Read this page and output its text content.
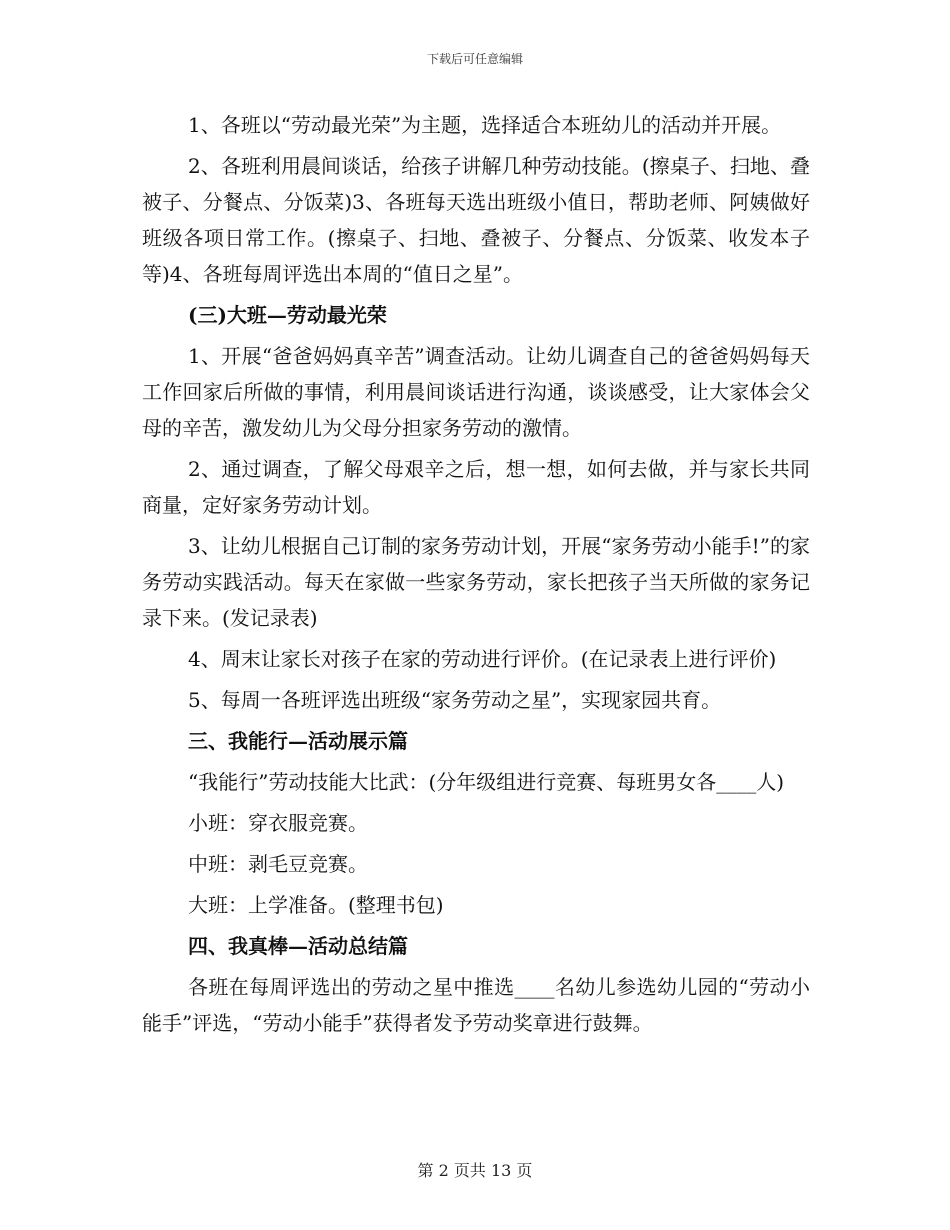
下载后可任意编辑

1、各班以“劳动最光荣”为主题，选择适合本班幼儿的活动并开展。

2、各班利用晨间谈话，给孩子讲解几种劳动技能。(擦桌子、扫地、叠被子、分餐点、分饭菜)3、各班每天选出班级小值日，帮助老师、阿姨做好班级各项日常工作。(擦桌子、扫地、叠被子、分餐点、分饭菜、收发本子等)4、各班每周评选出本周的“值日之星”。

(三)大班—劳动最光荣

1、开展“爸爸妈妈真辛苦”调查活动。让幼儿调查自己的爸爸妈妈每天工作回家后所做的事情，利用晨间谈话进行沟通，谈谈感受，让大家体会父母的辛苦，激发幼儿为父母分担家务劳动的激情。

2、通过调查，了解父母艰辛之后，想一想，如何去做，并与家长共同商量，定好家务劳动计划。

3、让幼儿根据自己订制的家务劳动计划，开展“家务劳动小能手!”的家务劳动实践活动。每天在家做一些家务劳动，家长把孩子当天所做的家务记录下来。(发记录表)

4、周末让家长对孩子在家的劳动进行评价。(在记录表上进行评价)

5、每周一各班评选出班级“家务劳动之星”，实现家园共育。

三、我能行—活动展示篇

“我能行”劳动技能大比武：(分年级组进行竞赛、每班男女各____人)

小班：穿衣服竞赛。

中班：剥毛豆竞赛。

大班：上学准备。(整理书包)

四、我真棒—活动总结篇

各班在每周评选出的劳动之星中推选____名幼儿参选幼儿园的“劳动小能手”评选，“劳动小能手”获得者发予劳动奖章进行鼓舞。

第 2 页共 13 页
